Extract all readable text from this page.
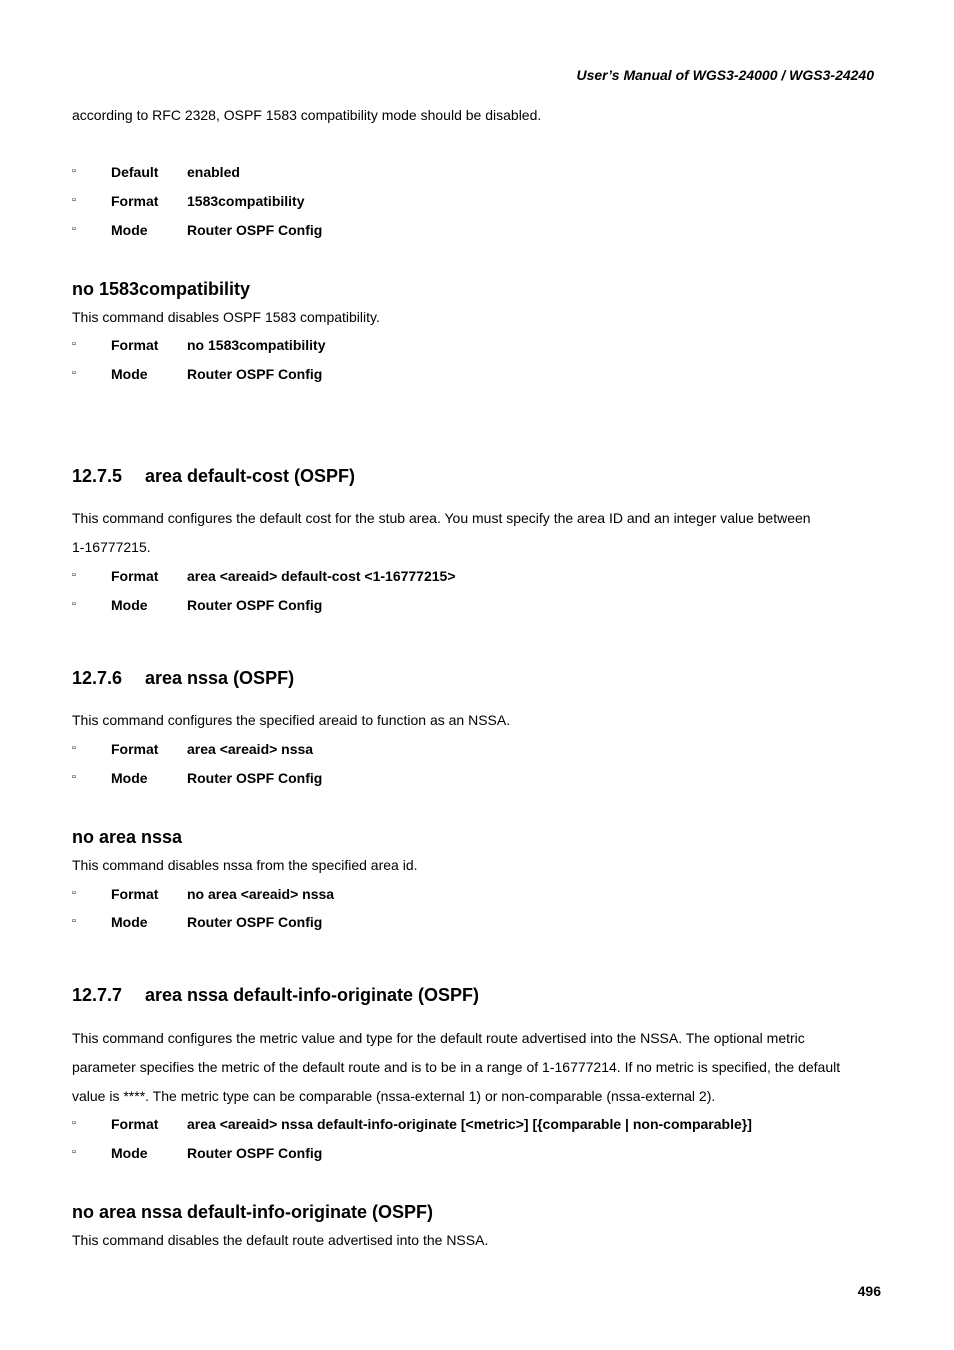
User’s Manual of WGS3-24000 / WGS3-24240
according to RFC 2328, OSPF 1583 compatibility mode should be disabled.
▫	Default enabled
▫	Format 1583compatibility
▫	Mode	Router OSPF Config
no 1583compatibility
This command disables OSPF 1583 compatibility.
▫	Format no 1583compatibility
▫	Mode	Router OSPF Config
12.7.5 area default-cost (OSPF)
This command configures the default cost for the stub area. You must specify the area ID and an integer value between
1-16777215.
▫	Format area <areaid> default-cost <1-16777215>
▫	Mode	Router OSPF Config
12.7.6 area nssa (OSPF)
This command configures the specified areaid to function as an NSSA.
▫	Format area <areaid> nssa
▫	Mode	Router OSPF Config
no area nssa
This command disables nssa from the specified area id.
▫	Format no area <areaid> nssa
▫	Mode	Router OSPF Config
12.7.7 area nssa default-info-originate (OSPF)
This command configures the metric value and type for the default route advertised into the NSSA. The optional metric
parameter specifies the metric of the default route and is to be in a range of 1-16777214. If no metric is specified, the default
value is ****. The metric type can be comparable (nssa-external 1) or non-comparable (nssa-external 2).
▫	Format area <areaid> nssa default-info-originate [<metric>] [{comparable | non-comparable}]
▫	Mode	Router OSPF Config
no area nssa default-info-originate (OSPF)
This command disables the default route advertised into the NSSA.
496
